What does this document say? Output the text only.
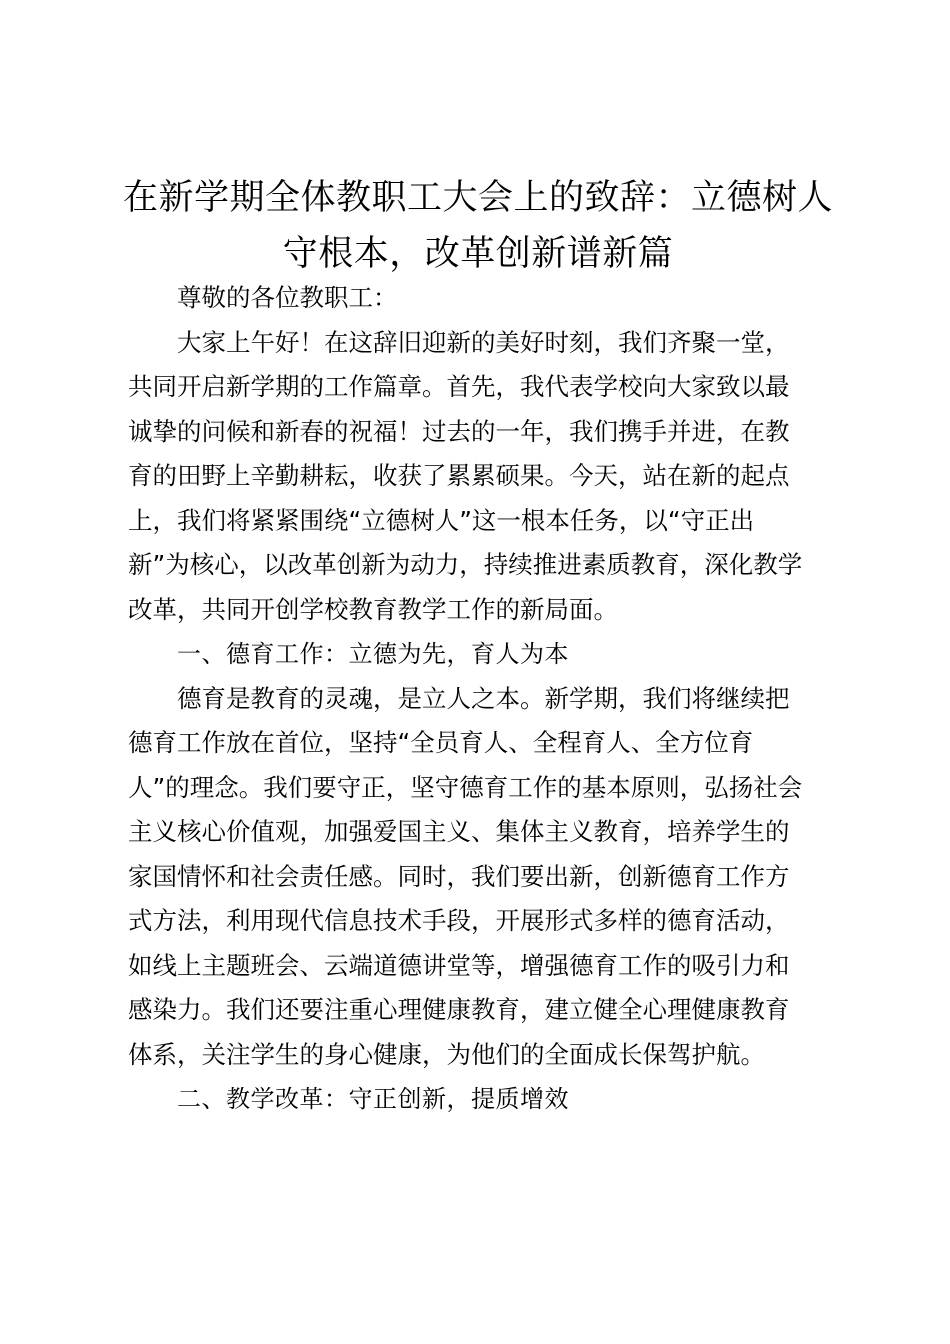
在新学期全体教职工大会上的致辞：立德树人
守根本，改革创新谱新篇
尊敬的各位教职工：
大家上午好！在这辞旧迎新的美好时刻，我们齐聚一堂，
共同开启新学期的工作篇章。首先，我代表学校向大家致以最
诚挚的问候和新春的祝福！过去的一年，我们携手并进，在教
育的田野上辛勤耕耘，收获了累累硕果。今天，站在新的起点
上，我们将紧紧围绕“立德树人”这一根本任务，以“守正出
新”为核心，以改革创新为动力，持续推进素质教育，深化教学
改革，共同开创学校教育教学工作的新局面。
一、德育工作：立德为先，育人为本
德育是教育的灵魂，是立人之本。新学期，我们将继续把
德育工作放在首位，坚持“全员育人、全程育人、全方位育
人”的理念。我们要守正，坚守德育工作的基本原则，弘扬社会
主义核心价值观，加强爱国主义、集体主义教育，培养学生的
家国情怀和社会责任感。同时，我们要出新，创新德育工作方
式方法，利用现代信息技术手段，开展形式多样的德育活动，
如线上主题班会、云端道德讲堂等，增强德育工作的吸引力和
感染力。我们还要注重心理健康教育，建立健全心理健康教育
体系，关注学生的身心健康，为他们的全面成长保驾护航。
二、教学改革：守正创新，提质增效
